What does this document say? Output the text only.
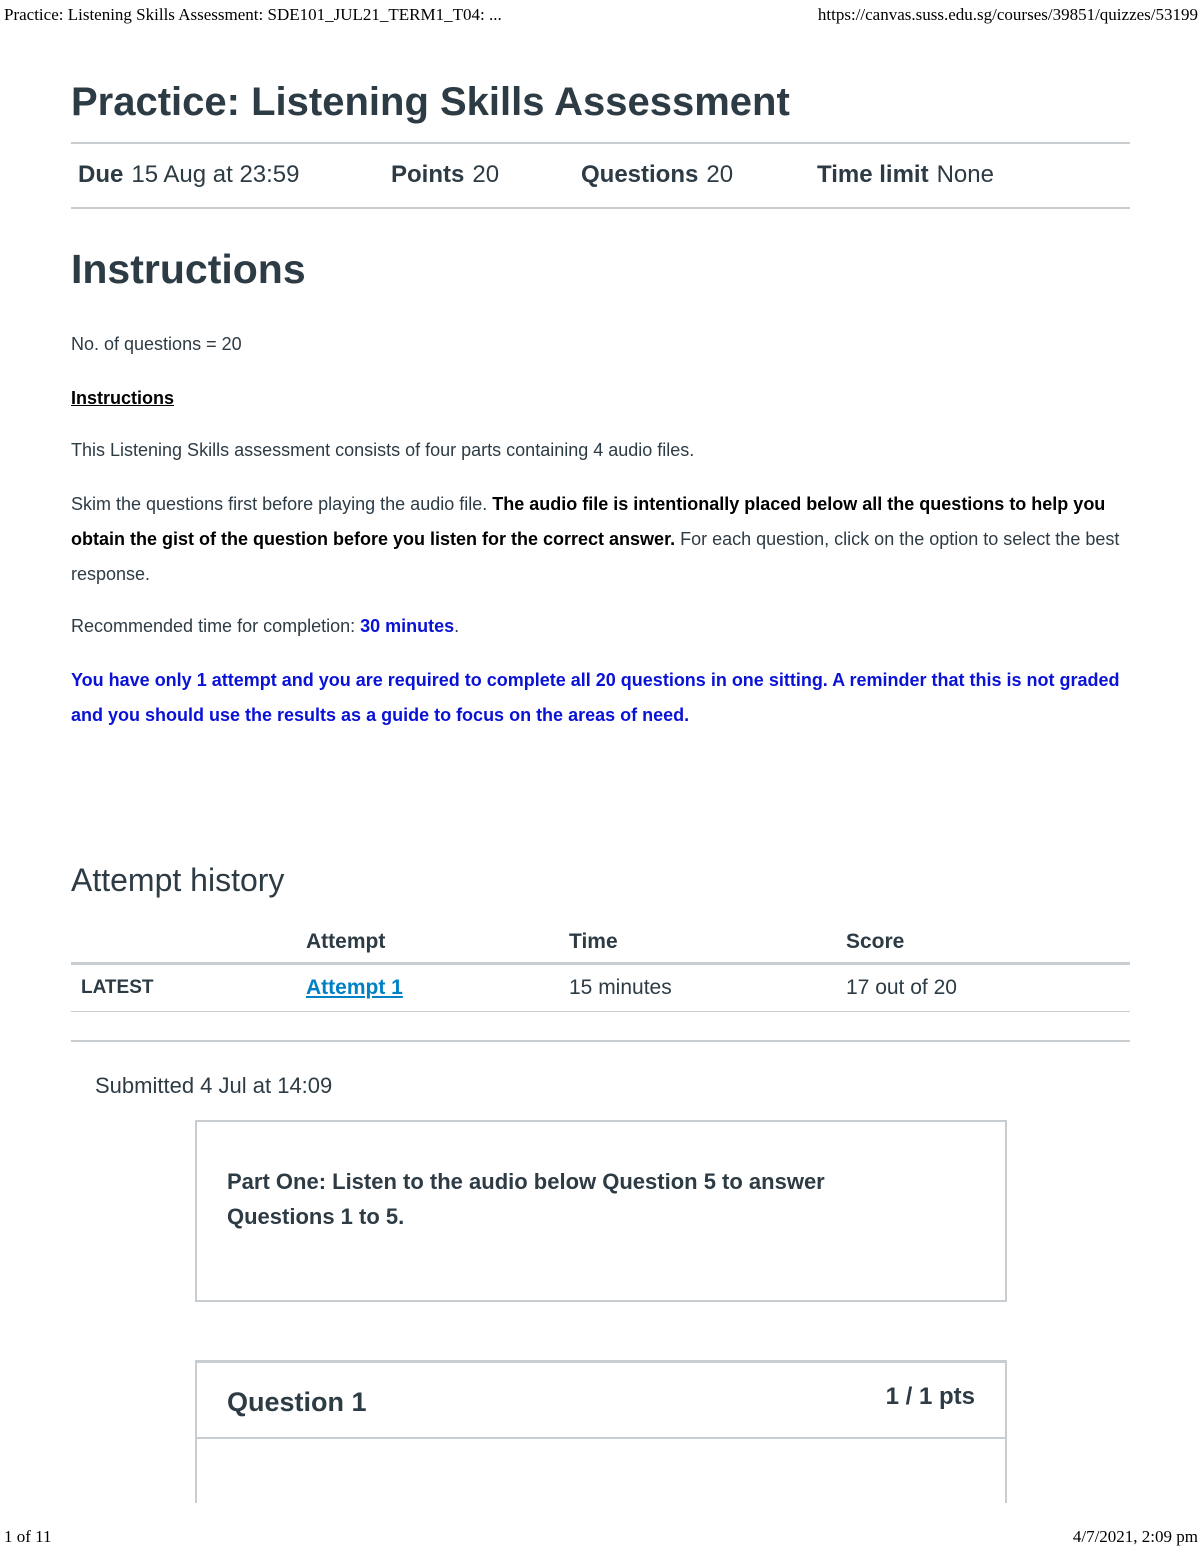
Practice: Listening Skills Assessment: SDE101_JUL21_TERM1_T04: ...	https://canvas.suss.edu.sg/courses/39851/quizzes/53199
Practice: Listening Skills Assessment
Due 15 Aug at 23:59	Points 20	Questions 20	Time limit None
Instructions

No. of questions = 20

Instructions

This Listening Skills assessment consists of four parts containing 4 audio files.

Skim the questions first before playing the audio file. The audio file is intentionally placed below all the questions to help you obtain the gist of the question before you listen for the correct answer. For each question, click on the option to select the best response.

Recommended time for completion: 30 minutes.

You have only 1 attempt and you are required to complete all 20 questions in one sitting. A reminder that this is not graded and you should use the results as a guide to focus on the areas of need.

Attempt history
	Attempt	Time	Score
LATEST	Attempt 1	15 minutes	17 out of 20
Submitted 4 Jul at 14:09
Part One: Listen to the audio below Question 5 to answer Questions 1 to 5.
Question 1	1 / 1 pts
1 of 11	4/7/2021, 2:09 pm
